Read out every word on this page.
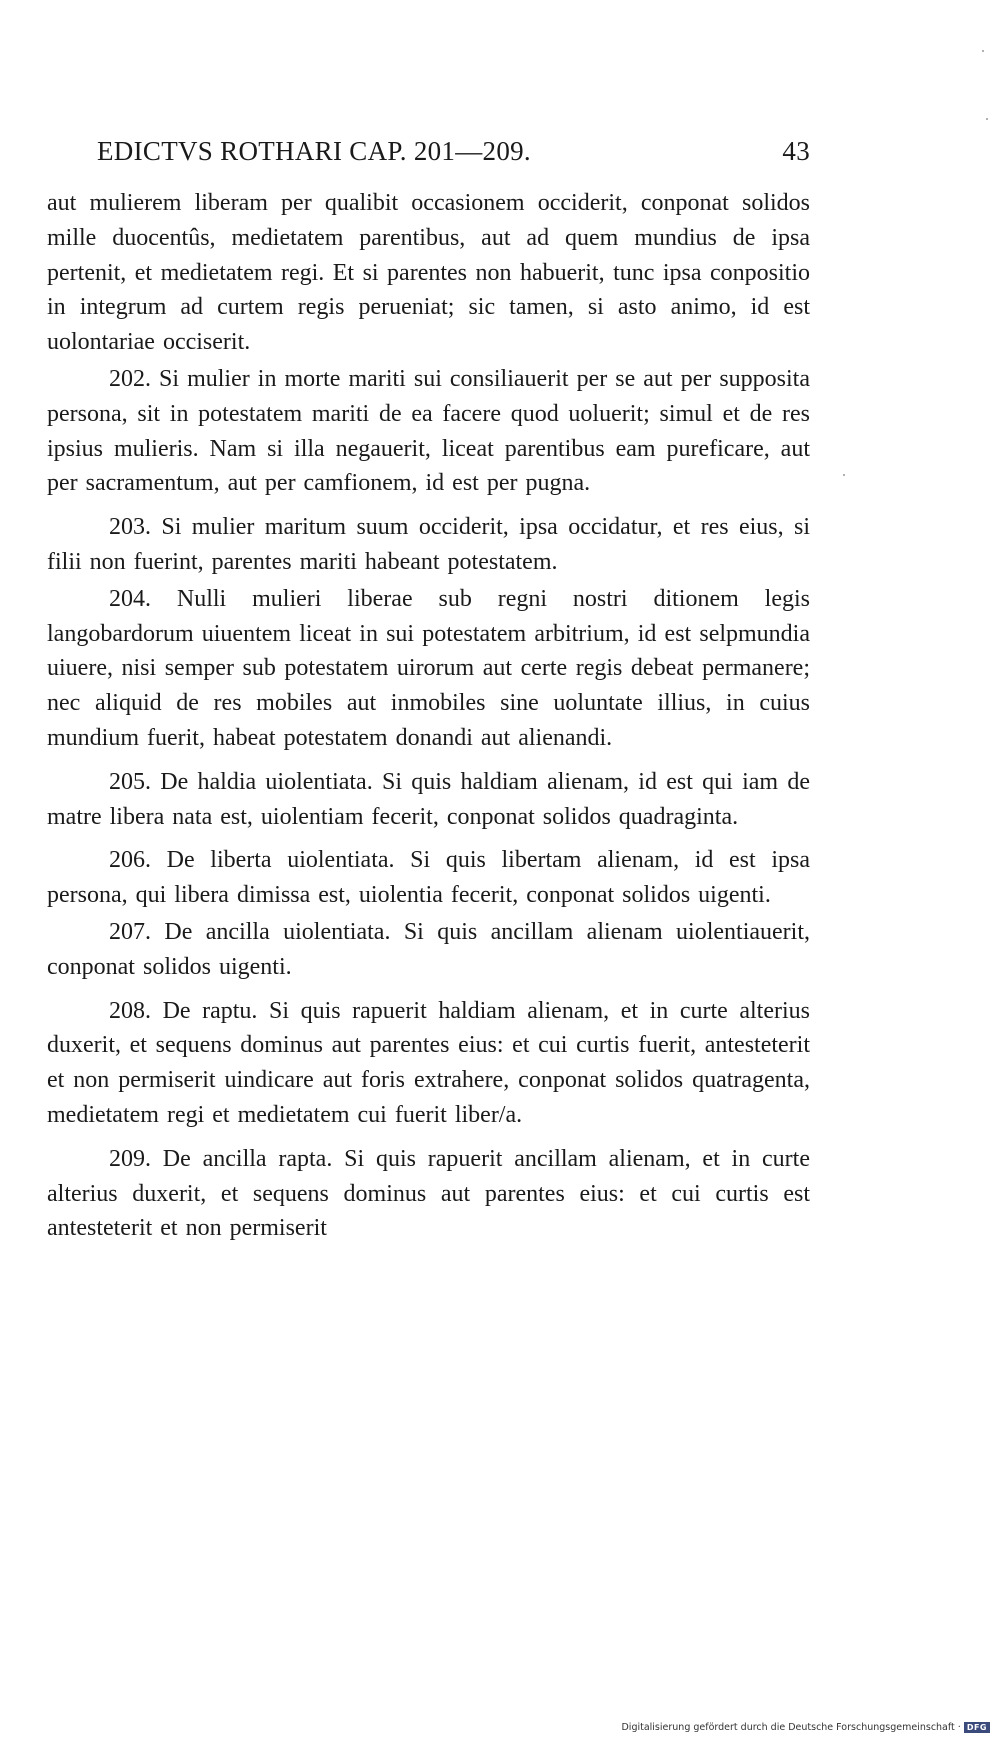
EDICTVS ROTHARI CAP. 201—209.	43

aut mulierem liberam per qualibit occasionem occiderit, conponat solidos mille duocentûs, medietatem parentibus, aut ad quem mundius de ipsa pertenit, et medietatem regi. Et si parentes non habuerit, tunc ipsa conpositio in integrum ad curtem regis perueniat; sic tamen, si asto animo, id est uolontariae occiserit.

202. Si mulier in morte mariti sui consiliauerit per se aut per supposita persona, sit in potestatem mariti de ea facere quod uoluerit; simul et de res ipsius mulieris. Nam si illa negauerit, liceat parentibus eam pureficare, aut per sacramentum, aut per camfionem, id est per pugna.

203. Si mulier maritum suum occiderit, ipsa occidatur, et res eius, si filii non fuerint, parentes mariti habeant potestatem.

204. Nulli mulieri liberae sub regni nostri ditionem legis langobardorum uiuentem liceat in sui potestatem arbitrium, id est selpmundia uiuere, nisi semper sub potestatem uirorum aut certe regis debeat permanere; nec aliquid de res mobiles aut inmobiles sine uoluntate illius, in cuius mundium fuerit, habeat potestatem donandi aut alienandi.

205. De haldia uiolentiata. Si quis haldiam alienam, id est qui iam de matre libera nata est, uiolentiam fecerit, conponat solidos quadraginta.

206. De liberta uiolentiata. Si quis libertam alienam, id est ipsa persona, qui libera dimissa est, uiolentia fecerit, conponat solidos uigenti.

207. De ancilla uiolentiata. Si quis ancillam alienam uiolentiauerit, conponat solidos uigenti.

208. De raptu. Si quis rapuerit haldiam alienam, et in curte alterius duxerit, et sequens dominus aut parentes eius: et cui curtis fuerit, antesteterit et non permiserit uindicare aut foris extrahere, conponat solidos quatragenta, medietatem regi et medietatem cui fuerit liber/a.

209. De ancilla rapta. Si quis rapuerit ancillam alienam, et in curte alterius duxerit, et sequens dominus aut parentes eius: et cui curtis est antesteterit et non permiserit

Digitalisierung gefördert durch die Deutsche Forschungsgemeinschaft · DFG
